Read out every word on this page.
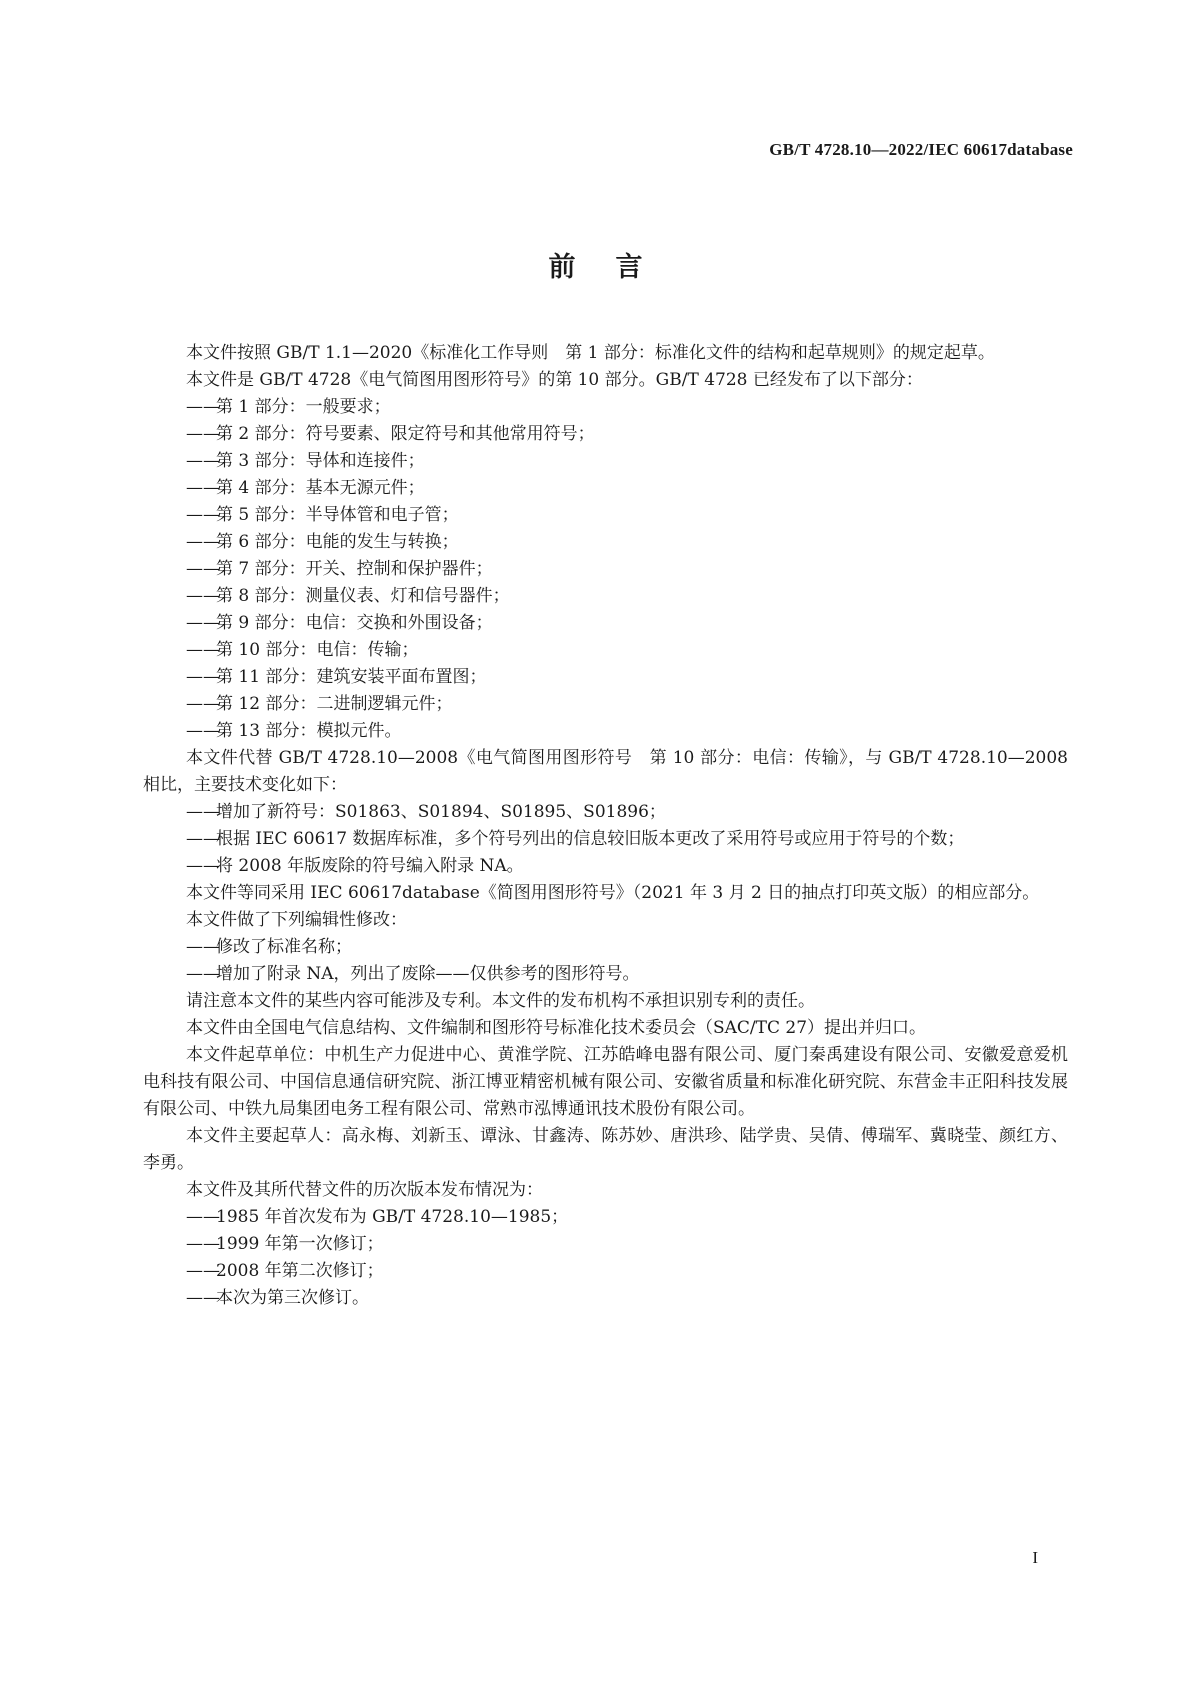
GB/T 4728.10—2022/IEC 60617database
前言

本文件按照 GB/T 1.1—2020《标准化工作导则　第 1 部分：标准化文件的结构和起草规则》的规定起草。

本文件是 GB/T 4728《电气简图用图形符号》的第 10 部分。GB/T 4728 已经发布了以下部分：

——
第 1 部分：一般要求；

——
第 2 部分：符号要素、限定符号和其他常用符号；

——
第 3 部分：导体和连接件；

——
第 4 部分：基本无源元件；

——
第 5 部分：半导体管和电子管；

——
第 6 部分：电能的发生与转换；

——
第 7 部分：开关、控制和保护器件；

——
第 8 部分：测量仪表、灯和信号器件；

——
第 9 部分：电信：交换和外围设备；

——
第 10 部分：电信：传输；

——
第 11 部分：建筑安装平面布置图；

——
第 12 部分：二进制逻辑元件；

——
第 13 部分：模拟元件。

本文件代替 GB/T 4728.10—2008《电气简图用图形符号　第 10 部分：电信：传输》，与 GB/T 4728.10—2008 相比，主要技术变化如下：

——
增加了新符号：S01863、S01894、S01895、S01896；

——
根据 IEC 60617 数据库标准，多个符号列出的信息较旧版本更改了采用符号或应用于符号的个数；

——
将 2008 年版废除的符号编入附录 NA。

本文件等同采用 IEC 60617database《简图用图形符号》（2021 年 3 月 2 日的抽点打印英文版）的相应部分。

本文件做了下列编辑性修改：

——
修改了标准名称；

——
增加了附录 NA，列出了废除——仅供参考的图形符号。

请注意本文件的某些内容可能涉及专利。本文件的发布机构不承担识别专利的责任。

本文件由全国电气信息结构、文件编制和图形符号标准化技术委员会（SAC/TC 27）提出并归口。

本文件起草单位：中机生产力促进中心、黄淮学院、江苏皓峰电器有限公司、厦门秦禹建设有限公司、安徽爱意爱机电科技有限公司、中国信息通信研究院、浙江博亚精密机械有限公司、安徽省质量和标准化研究院、东营金丰正阳科技发展有限公司、中铁九局集团电务工程有限公司、常熟市泓博通讯技术股份有限公司。

本文件主要起草人：高永梅、刘新玉、谭泳、甘鑫涛、陈苏妙、唐洪珍、陆学贵、吴倩、傅瑞军、冀晓莹、颜红方、李勇。

本文件及其所代替文件的历次版本发布情况为：

——
1985 年首次发布为 GB/T 4728.10—1985；

——
1999 年第一次修订；

——
2008 年第二次修订；

——
本次为第三次修订。

I
